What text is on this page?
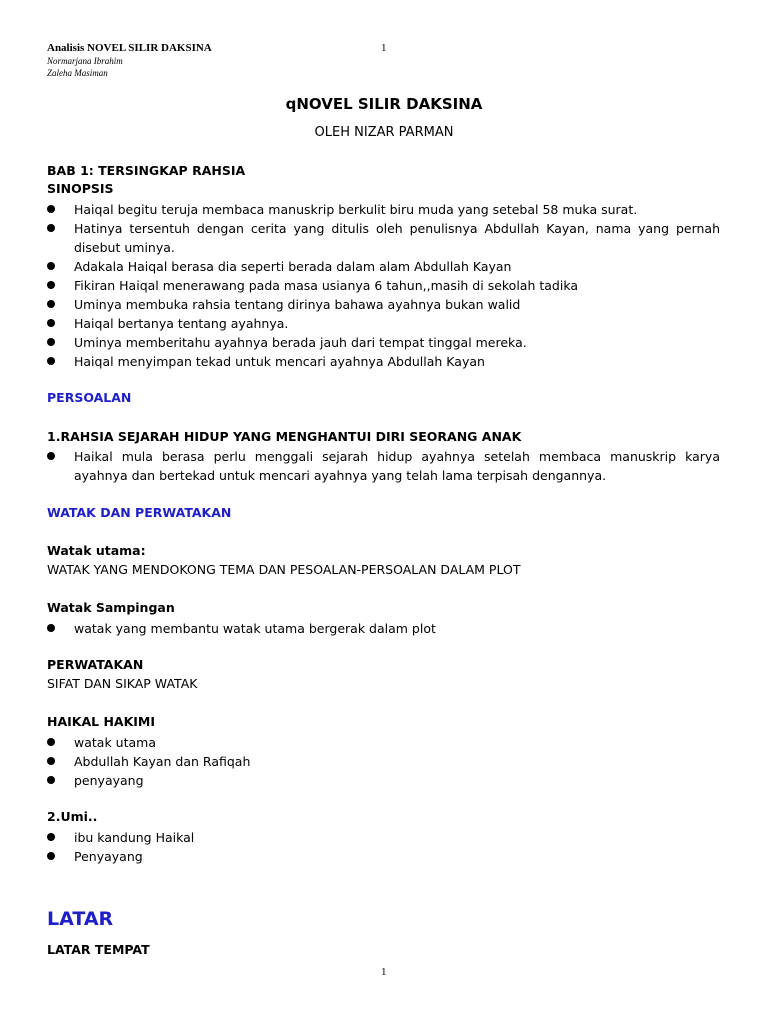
Analisis NOVEL SILIR DAKSINA	1
Normarjana Ibrahim
Zaleha Masiman
qNOVEL SILIR DAKSINA
OLEH NIZAR PARMAN
BAB 1: TERSINGKAP RAHSIA
SINOPSIS
Haiqal begitu teruja membaca manuskrip berkulit biru muda yang setebal 58 muka surat.
Hatinya tersentuh dengan cerita yang ditulis oleh penulisnya Abdullah Kayan, nama yang pernah disebut uminya.
Adakala Haiqal berasa dia seperti berada dalam alam Abdullah Kayan
Fikiran Haiqal menerawang pada masa usianya 6 tahun,,masih di sekolah tadika
Uminya membuka rahsia tentang dirinya bahawa ayahnya bukan walid
Haiqal bertanya tentang ayahnya.
Uminya memberitahu ayahnya berada jauh dari tempat tinggal mereka.
Haiqal menyimpan tekad untuk mencari ayahnya Abdullah Kayan
PERSOALAN
1.RAHSIA SEJARAH HIDUP YANG MENGHANTUI DIRI SEORANG ANAK
Haikal mula berasa perlu menggali sejarah hidup ayahnya setelah membaca manuskrip karya ayahnya dan bertekad untuk mencari ayahnya yang telah lama terpisah dengannya.
WATAK DAN PERWATAKAN
Watak utama:
WATAK YANG MENDOKONG TEMA DAN PESOALAN-PERSOALAN DALAM PLOT
Watak Sampingan
watak yang membantu watak utama bergerak dalam plot
PERWATAKAN
SIFAT DAN SIKAP WATAK
HAIKAL HAKIMI
watak utama
Abdullah Kayan dan Rafiqah
penyayang
2.Umi..
ibu kandung Haikal
Penyayang
LATAR
LATAR TEMPAT
1
